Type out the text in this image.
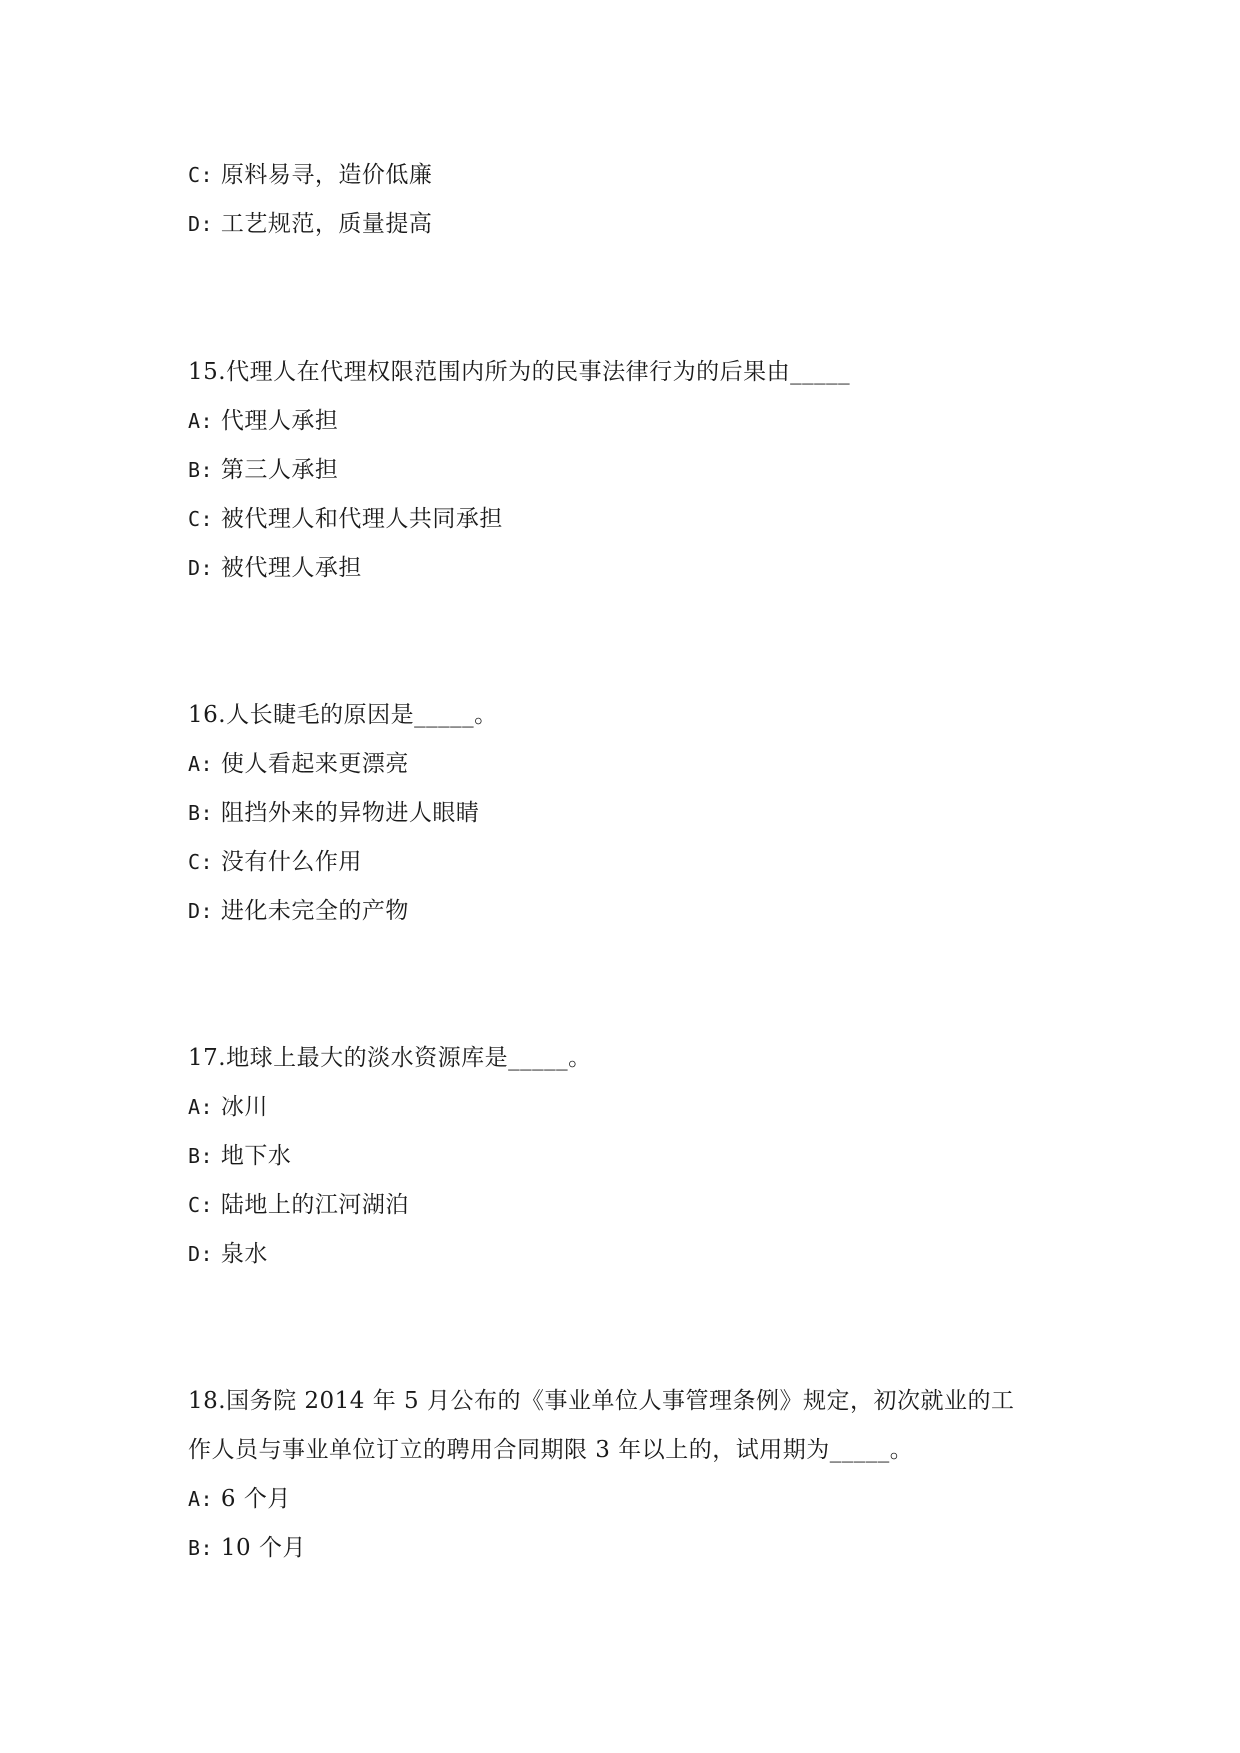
C: 原料易寻，造价低廉
D: 工艺规范，质量提高
15.代理人在代理权限范围内所为的民事法律行为的后果由_____
A: 代理人承担
B: 第三人承担
C: 被代理人和代理人共同承担
D: 被代理人承担
16.人长睫毛的原因是_____。
A: 使人看起来更漂亮
B: 阻挡外来的异物进人眼睛
C: 没有什么作用
D: 进化未完全的产物
17.地球上最大的淡水资源库是_____。
A: 冰川
B: 地下水
C: 陆地上的江河湖泊
D: 泉水
18.国务院 2014 年 5 月公布的《事业单位人事管理条例》规定，初次就业的工
作人员与事业单位订立的聘用合同期限 3 年以上的，试用期为_____。
A: 6 个月
B: 10 个月
